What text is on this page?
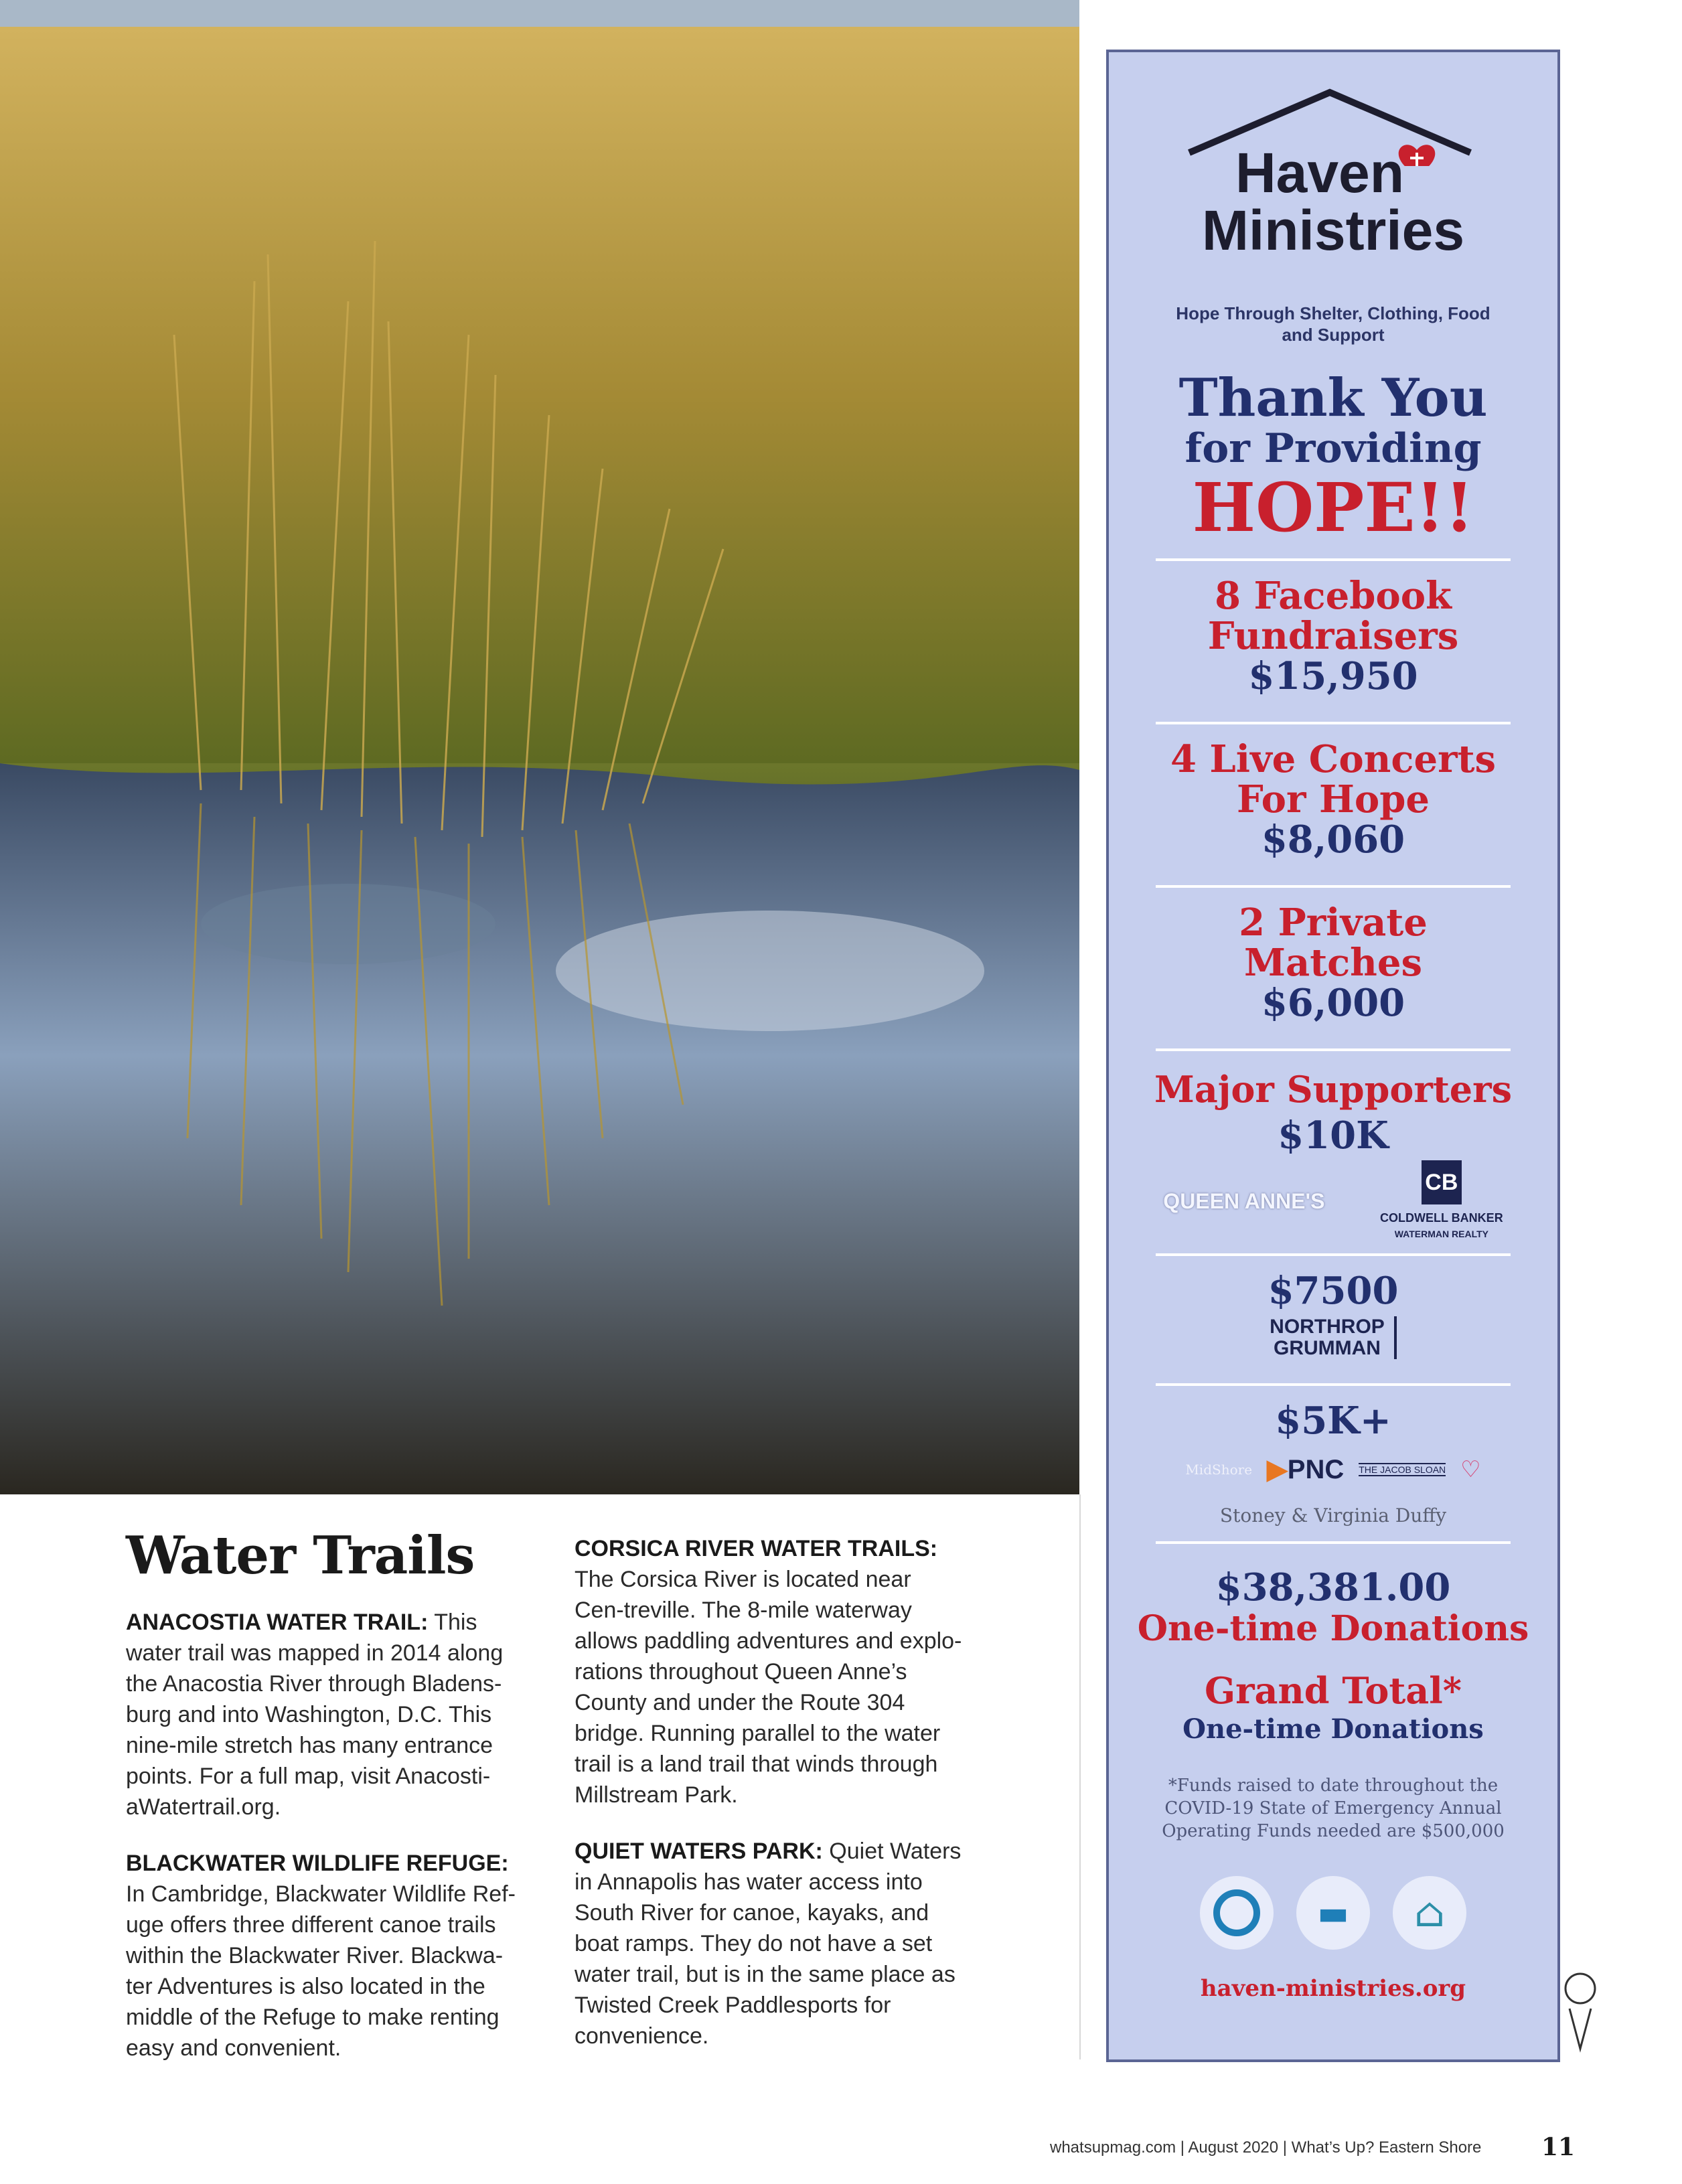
Water Trails

ANACOSTIA WATER TRAIL: This water trail was mapped in 2014 along the Anacostia River through Bladens-burg and into Washington, D.C. This nine-mile stretch has many entrance points. For a full map, visit Anacosti-aWatertrail.org.

BLACKWATER WILDLIFE REFUGE: In Cambridge, Blackwater Wildlife Ref-uge offers three different canoe trails within the Blackwater River. Blackwa-ter Adventures is also located in the middle of the Refuge to make renting easy and convenient.

CORSICA RIVER WATER TRAILS: The Corsica River is located near Cen-treville. The 8-mile waterway allows paddling adventures and explo-rations throughout Queen Anne’s County and under the Route 304 bridge. Running parallel to the water trail is a land trail that winds through Millstream Park.

QUIET WATERS PARK: Quiet Waters in Annapolis has water access into South River for canoe, kayaks, and boat ramps. They do not have a set water trail, but is in the same place as Twisted Creek Paddlesports for convenience.

Haven
Ministries
Hope Through Shelter, Clothing, Food and Support
Thank You
for Providing
HOPE!!
8 Facebook
Fundraisers
$15,950
4 Live Concerts
For Hope
$8,060
2 Private
Matches
$6,000
Major Supporters
$10K
QUEEN ANNE'S
CB
COLDWELL BANKER
WATERMAN REALTY
$7500
NORTHROP
GRUMMAN
$5K+
MidShore ▶PNC THE JACOB SLOAN ♡
Stoney & Virginia Duffy
$38,381.00
One-time Donations
Grand Total*
One-time Donations
*Funds raised to date throughout the COVID-19 State of Emergency Annual Operating Funds needed are $500,000
▬	⌂
haven-ministries.org
whatsupmag.com | August 2020 | What’s Up? Eastern Shore 11
